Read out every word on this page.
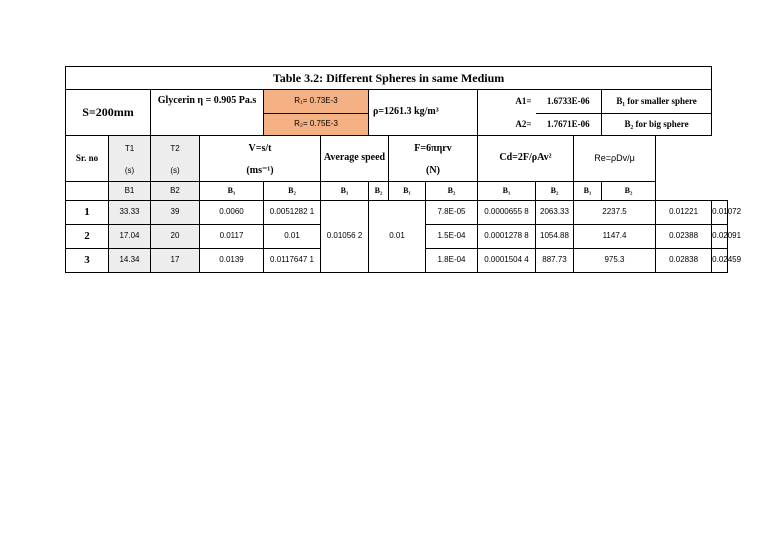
Table 3.2: Different Spheres in same Medium														
S=200mm		Glycerin η = 0.905 Pa.s		R₁= 0.73E-3		ρ=1261.3 kg/m³			A1=	1.6733E-06		B₁ for smaller sphere		
				R₂= 0.75E-3					A2=	1.7671E-06		B₂ for big sphere		
Sr. no	T1	T2	V=s/t		Average speed		F=6πηrv		Cd=2F/ρAv²		Re=ρDv/μ			
	(s)	(s)	(ms⁻¹)				(N)							
	B1	B2	B₁	B₂	B₁	B₂	B₁	B₂	B₁	B₂	B₁	B₂		
1	33.33	39	0.0060	0.0051282 1	0.01056 2	0.01		7.8E-05	0.0000655 8	2063.33	2237.5		0.01221	0.01072
2	17.04	20	0.0117	0.01				1.5E-04	0.0001278 8	1054.88	1147.4		0.02388	0.02091
3	14.34	17	0.0139	0.0117647 1				1.8E-04	0.0001504 4	887.73	975.3		0.02838	0.02459
